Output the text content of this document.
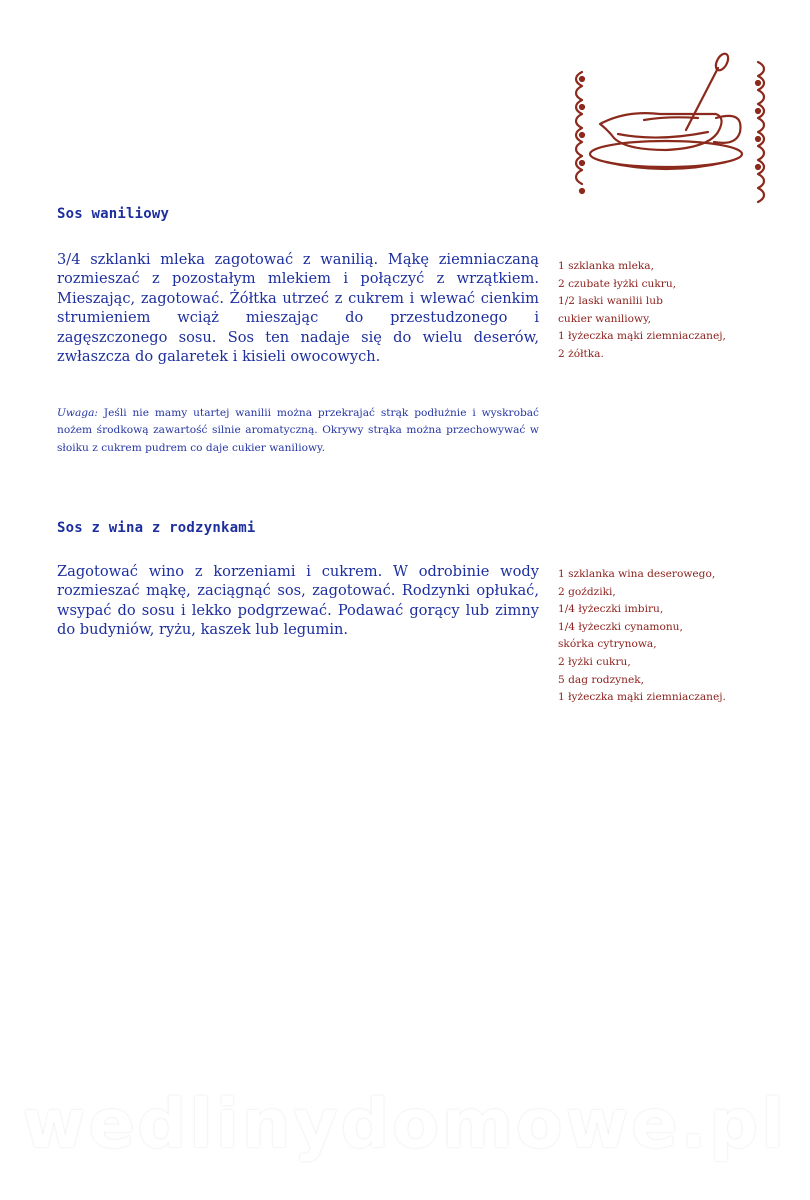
Sos waniliowy
3/4 szklanki mleka zagotować z wanilią. Mąkę ziemniaczaną rozmieszać z pozostałym mlekiem i połączyć z wrzątkiem. Mieszając, zagotować. Żółtka utrzeć z cukrem i wlewać cienkim strumieniem wciąż mieszając do przestudzonego i zagęszczonego sosu. Sos ten nadaje się do wielu deserów, zwłaszcza do galaretek i kisieli owocowych.
Uwaga: Jeśli nie mamy utartej wanilii można przekrajać strąk podłużnie i wyskrobać nożem środkową zawartość silnie aromatyczną. Okrywy strąka można przechowywać w słoiku z cukrem pudrem co daje cukier waniliowy.
1 szklanka mleka,
2 czubate łyżki cukru,
1/2 laski wanilii lub
cukier waniliowy,
1 łyżeczka mąki ziemniaczanej,
2 żółtka.
Sos z wina z rodzynkami
Zagotować wino z korzeniami i cukrem. W odrobinie wody rozmieszać mąkę, zaciągnąć sos, zagotować. Rodzynki opłukać, wsypać do sosu i lekko podgrzewać. Podawać gorący lub zimny do budyniów, ryżu, kaszek lub legumin.
1 szklanka wina deserowego,
2 goździki,
1/4 łyżeczki imbiru,
1/4 łyżeczki cynamonu,
skórka cytrynowa,
2 łyżki cukru,
5 dag rodzynek,
1 łyżeczka mąki ziemniaczanej.
wedlinydomowe.pl
